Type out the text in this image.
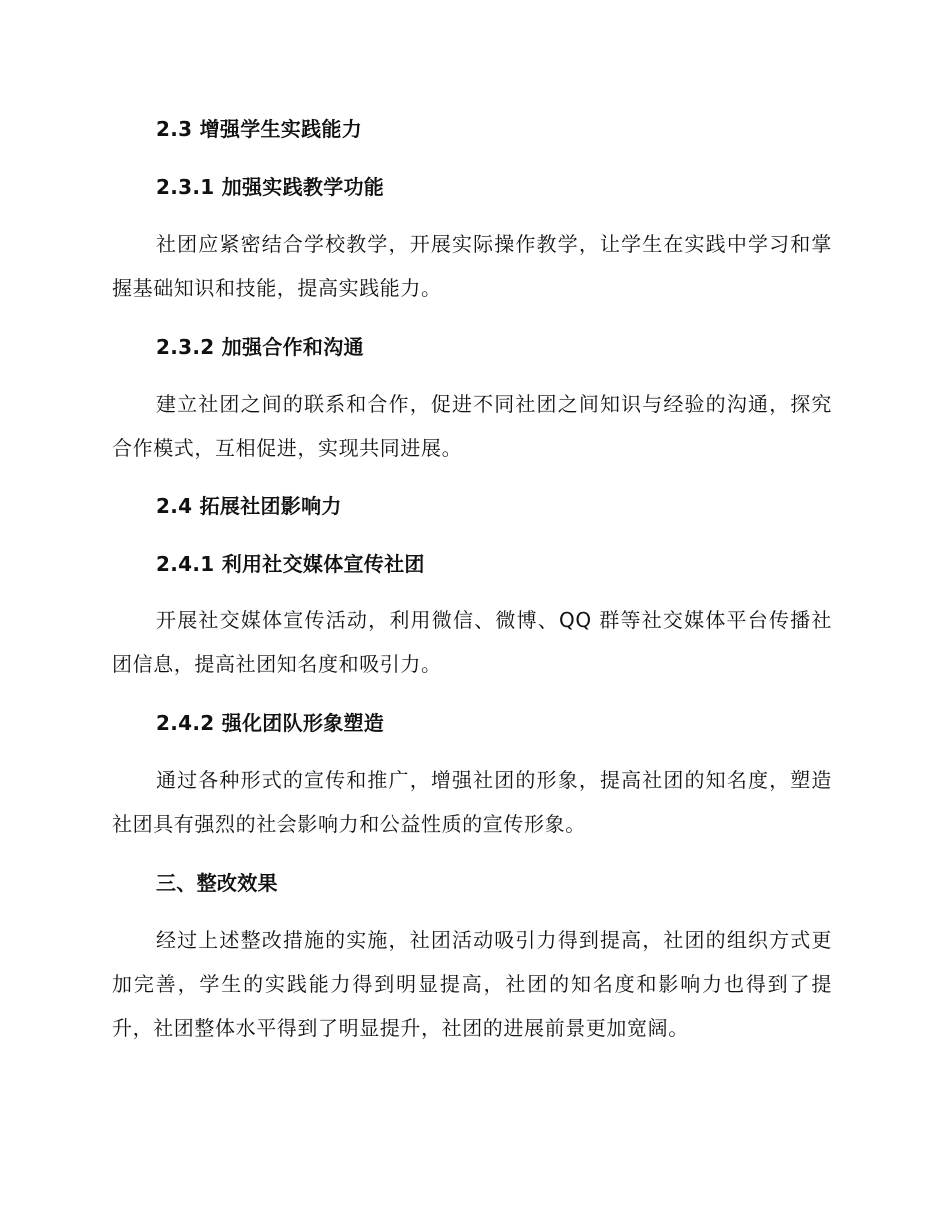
2.3 增强学生实践能力
2.3.1 加强实践教学功能
社团应紧密结合学校教学，开展实际操作教学，让学生在实践中学习和掌握基础知识和技能，提高实践能力。
2.3.2 加强合作和沟通
建立社团之间的联系和合作，促进不同社团之间知识与经验的沟通，探究合作模式，互相促进，实现共同进展。
2.4 拓展社团影响力
2.4.1 利用社交媒体宣传社团
开展社交媒体宣传活动，利用微信、微博、QQ 群等社交媒体平台传播社团信息，提高社团知名度和吸引力。
2.4.2 强化团队形象塑造
通过各种形式的宣传和推广，增强社团的形象，提高社团的知名度，塑造社团具有强烈的社会影响力和公益性质的宣传形象。
三、整改效果
经过上述整改措施的实施，社团活动吸引力得到提高，社团的组织方式更加完善，学生的实践能力得到明显提高，社团的知名度和影响力也得到了提升，社团整体水平得到了明显提升，社团的进展前景更加宽阔。
